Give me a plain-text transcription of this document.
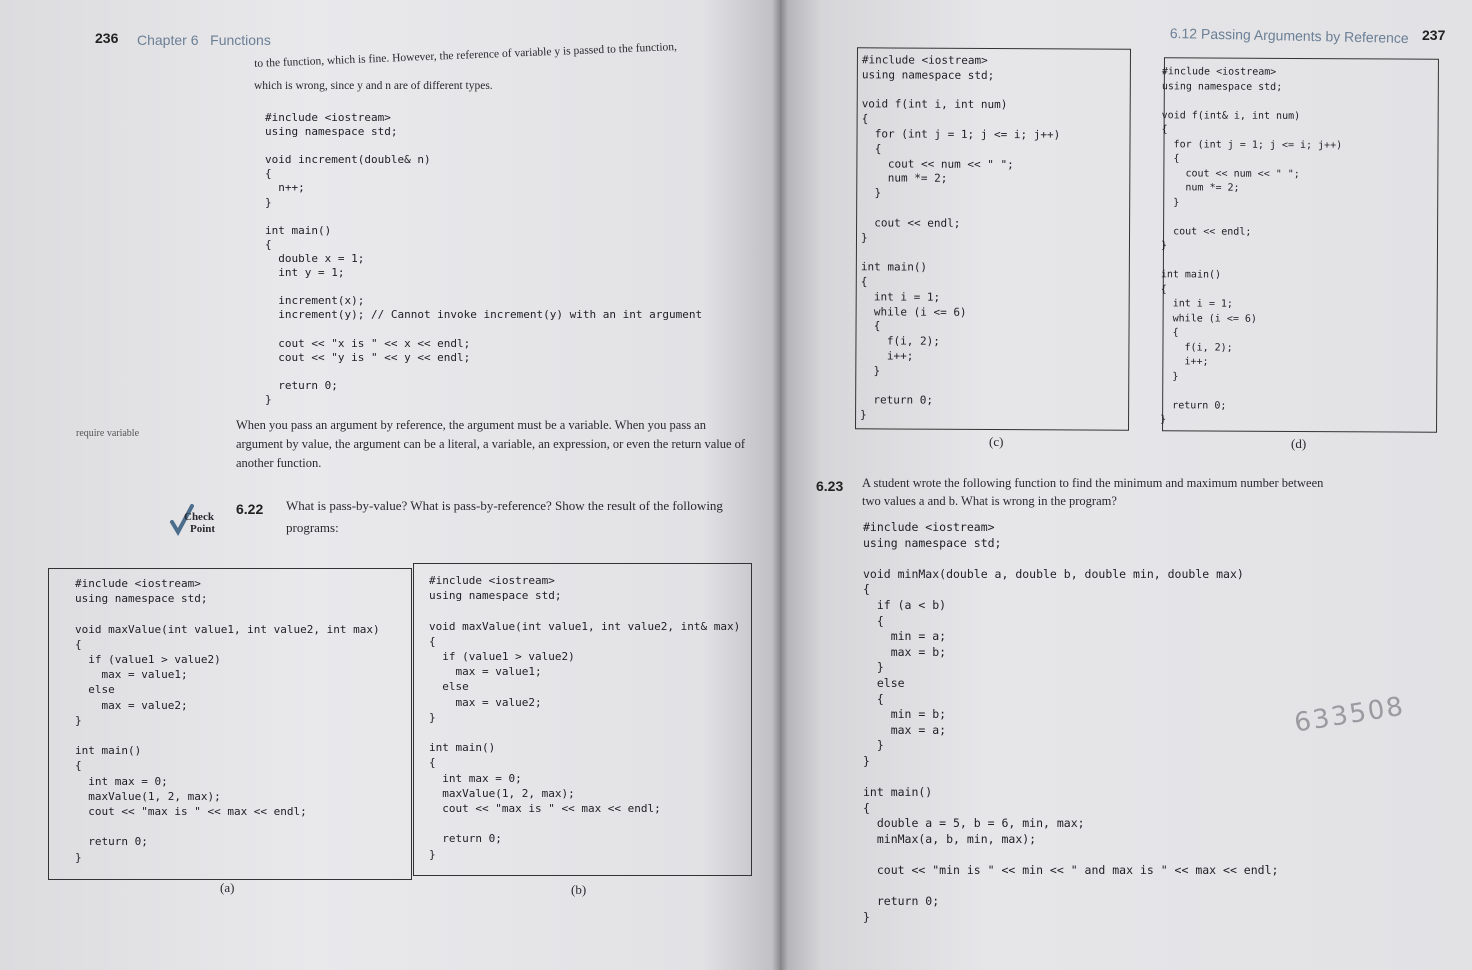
236 Chapter 6   Functions
to the function, which is fine. However, the reference of variable y is passed to the function,
which is wrong, since y and n are of different types.
#include <iostream>
using namespace std;

void increment(double& n)
{
n++;
}

int main()
{
double x = 1;
int y = 1;

increment(x);
increment(y); // Cannot invoke increment(y) with an int argument

cout << "x is " << x << endl;
cout << "y is " << y << endl;

return 0;
}
require variable
When you pass an argument by reference, the argument must be a variable. When you pass an argument by value, the argument can be a literal, a variable, an expression, or even the return value of another function.
Check
Point
6.22 What is pass-by-value? What is pass-by-reference? Show the result of the following programs:
#include <iostream>
using namespace std;

void maxValue(int value1, int value2, int max)
{
if (value1 > value2)
max = value1;
else
max = value2;
}

int main()
{
int max = 0;
maxValue(1, 2, max);
cout << "max is " << max << endl;

return 0;
}
(a)
#include <iostream>
using namespace std;

void maxValue(int value1, int value2, int& max)
{
if (value1 > value2)
max = value1;
else
max = value2;
}

int main()
{
int max = 0;
maxValue(1, 2, max);
cout << "max is " << max << endl;

return 0;
}
(b)
6.12 Passing Arguments by Reference 237
#include <iostream>
using namespace std;

void f(int i, int num)
{
for (int j = 1; j <= i; j++)
{
cout << num << " ";
num *= 2;
}

cout << endl;
}

int main()
{
int i = 1;
while (i <= 6)
{
f(i, 2);
i++;
}

return 0;
}
(c)
#include <iostream>
using namespace std;

void f(int& i, int num)
{
for (int j = 1; j <= i; j++)
{
cout << num << " ";
num *= 2;
}

cout << endl;
}

int main()
{
int i = 1;
while (i <= 6)
{
f(i, 2);
i++;
}

return 0;
}
(d)
6.23 A student wrote the following function to find the minimum and maximum number between two values a and b. What is wrong in the program?
#include <iostream>
using namespace std;

void minMax(double a, double b, double min, double max)
{
if (a < b)
{
min = a;
max = b;
}
else
{
min = b;
max = a;
}
}

int main()
{
double a = 5, b = 6, min, max;
minMax(a, b, min, max);

cout << "min is " << min << " and max is " << max << endl;

return 0;
}
633508
